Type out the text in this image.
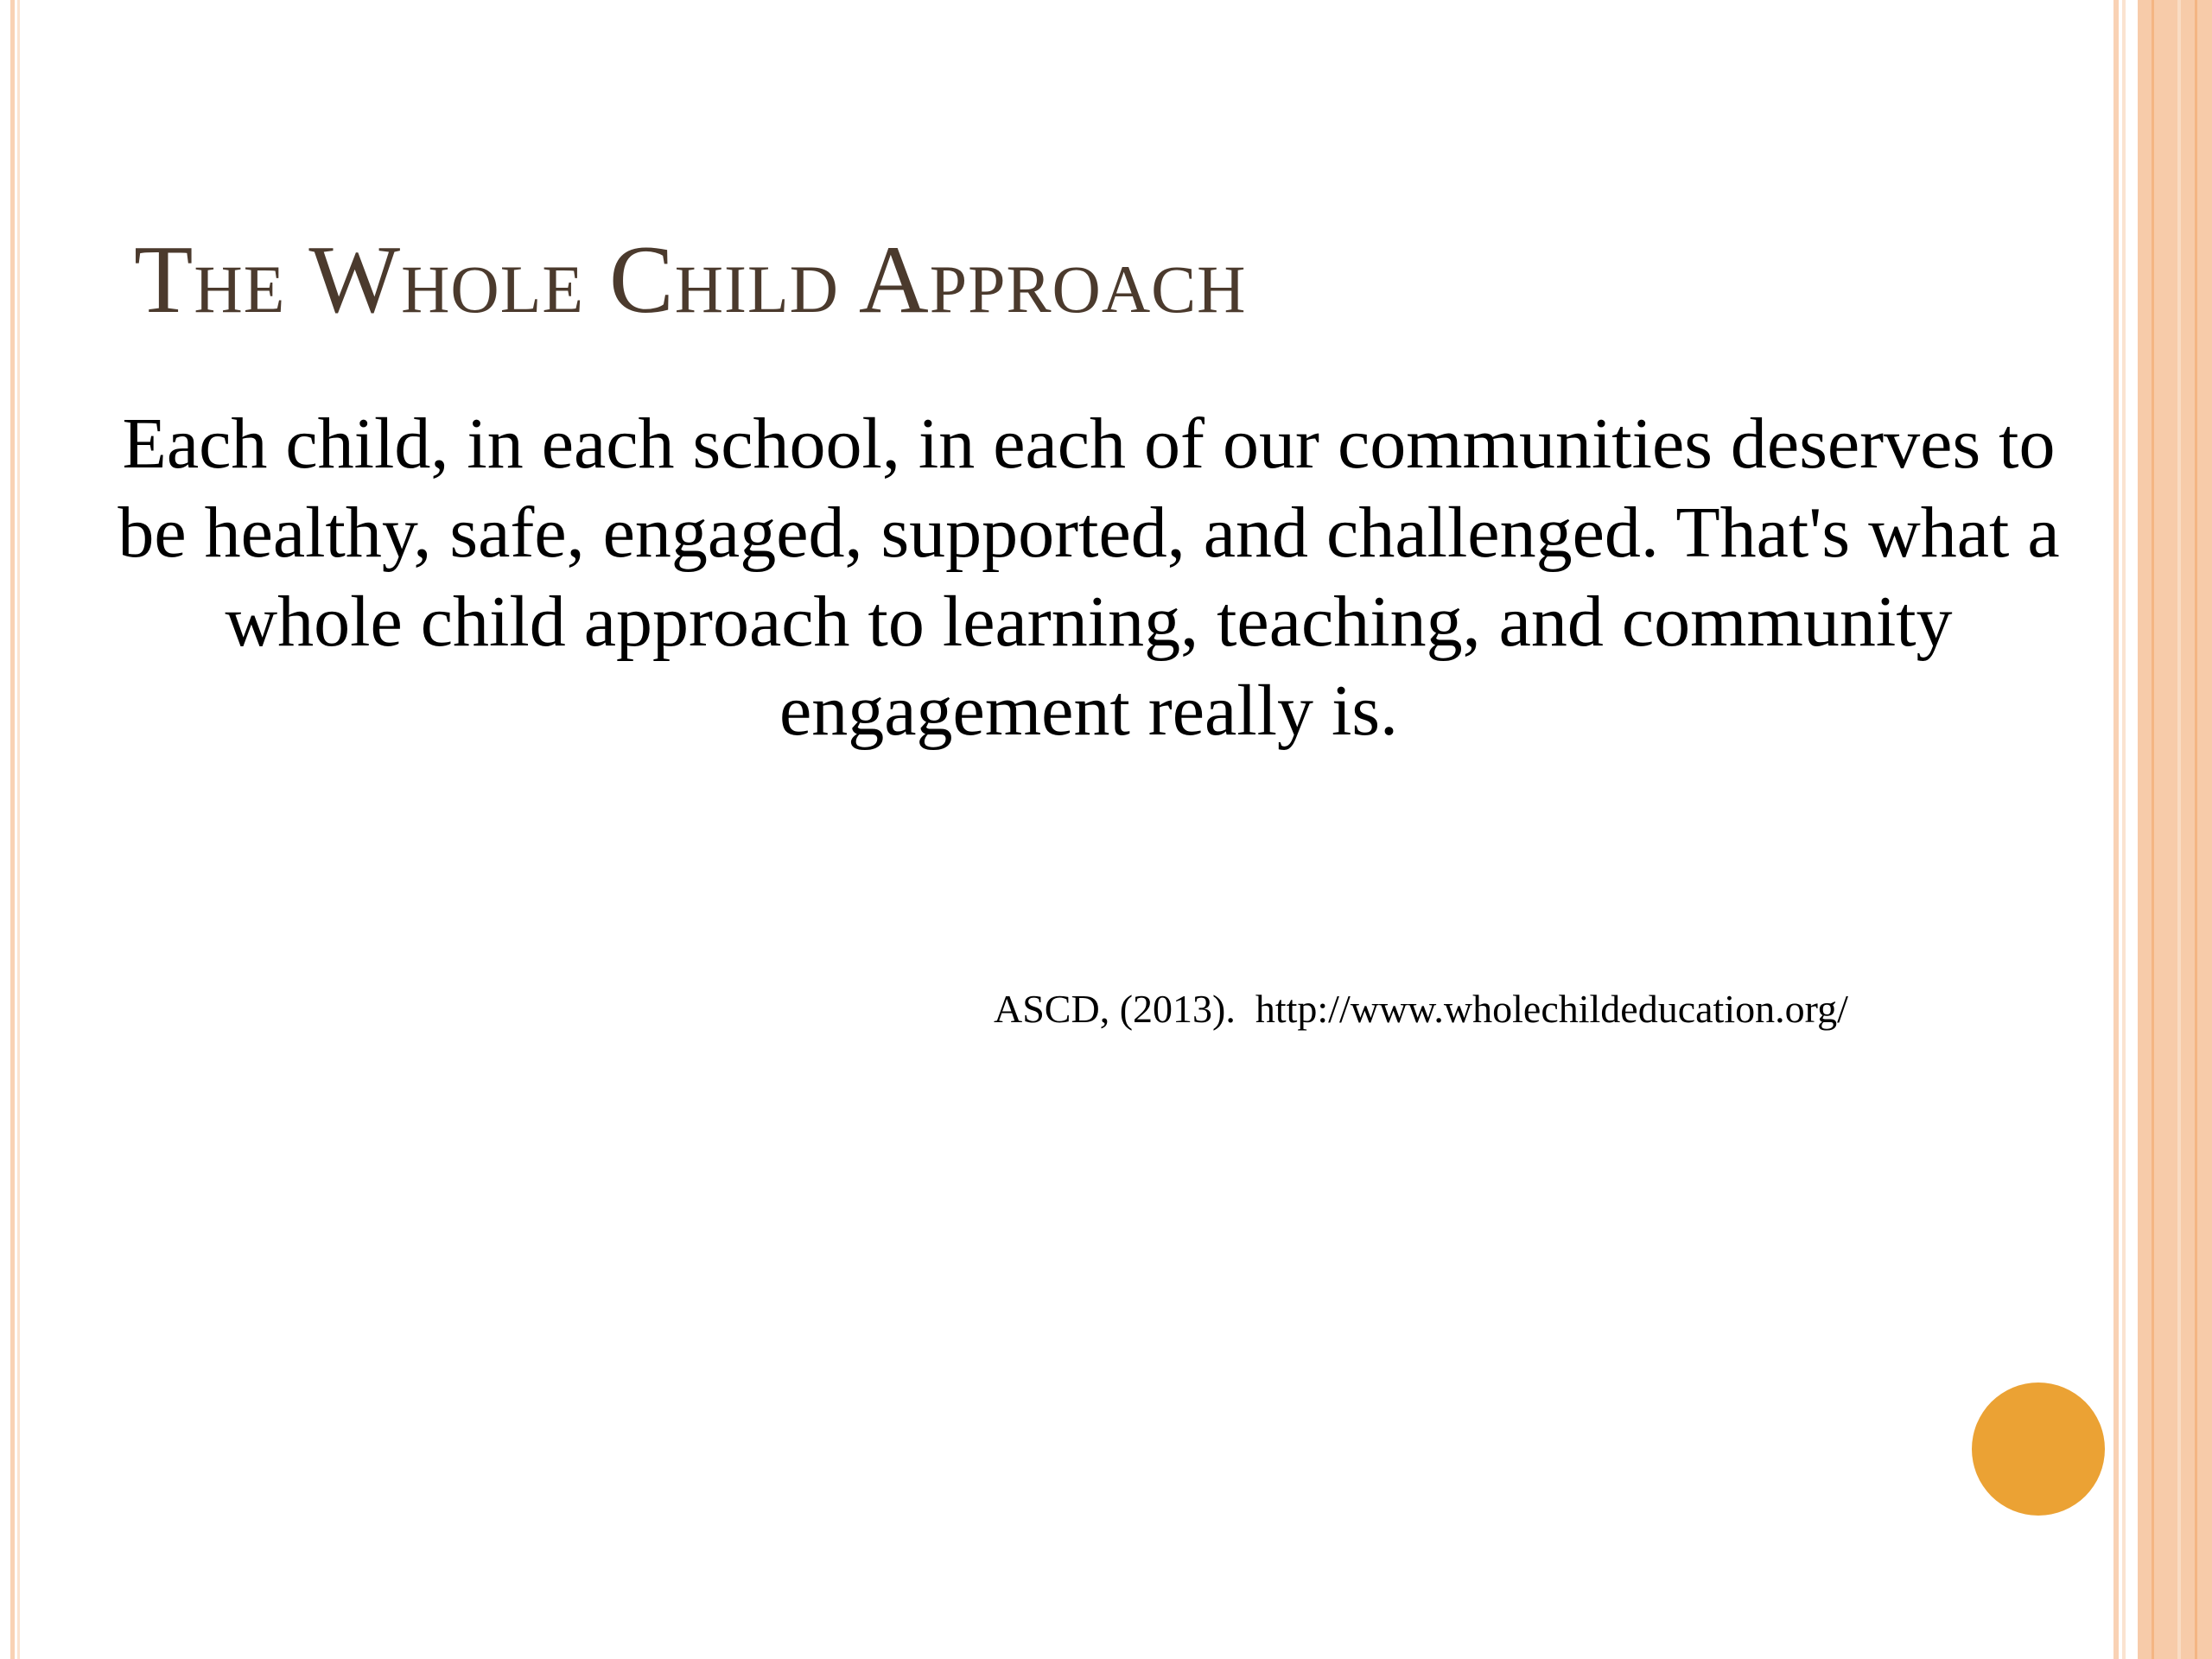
The Whole Child Approach
Each child, in each school, in each of our communities deserves to be healthy, safe, engaged, supported, and challenged. That's what a whole child approach to learning, teaching, and community engagement really is.
ASCD, (2013).  http://www.wholechildeducation.org/
